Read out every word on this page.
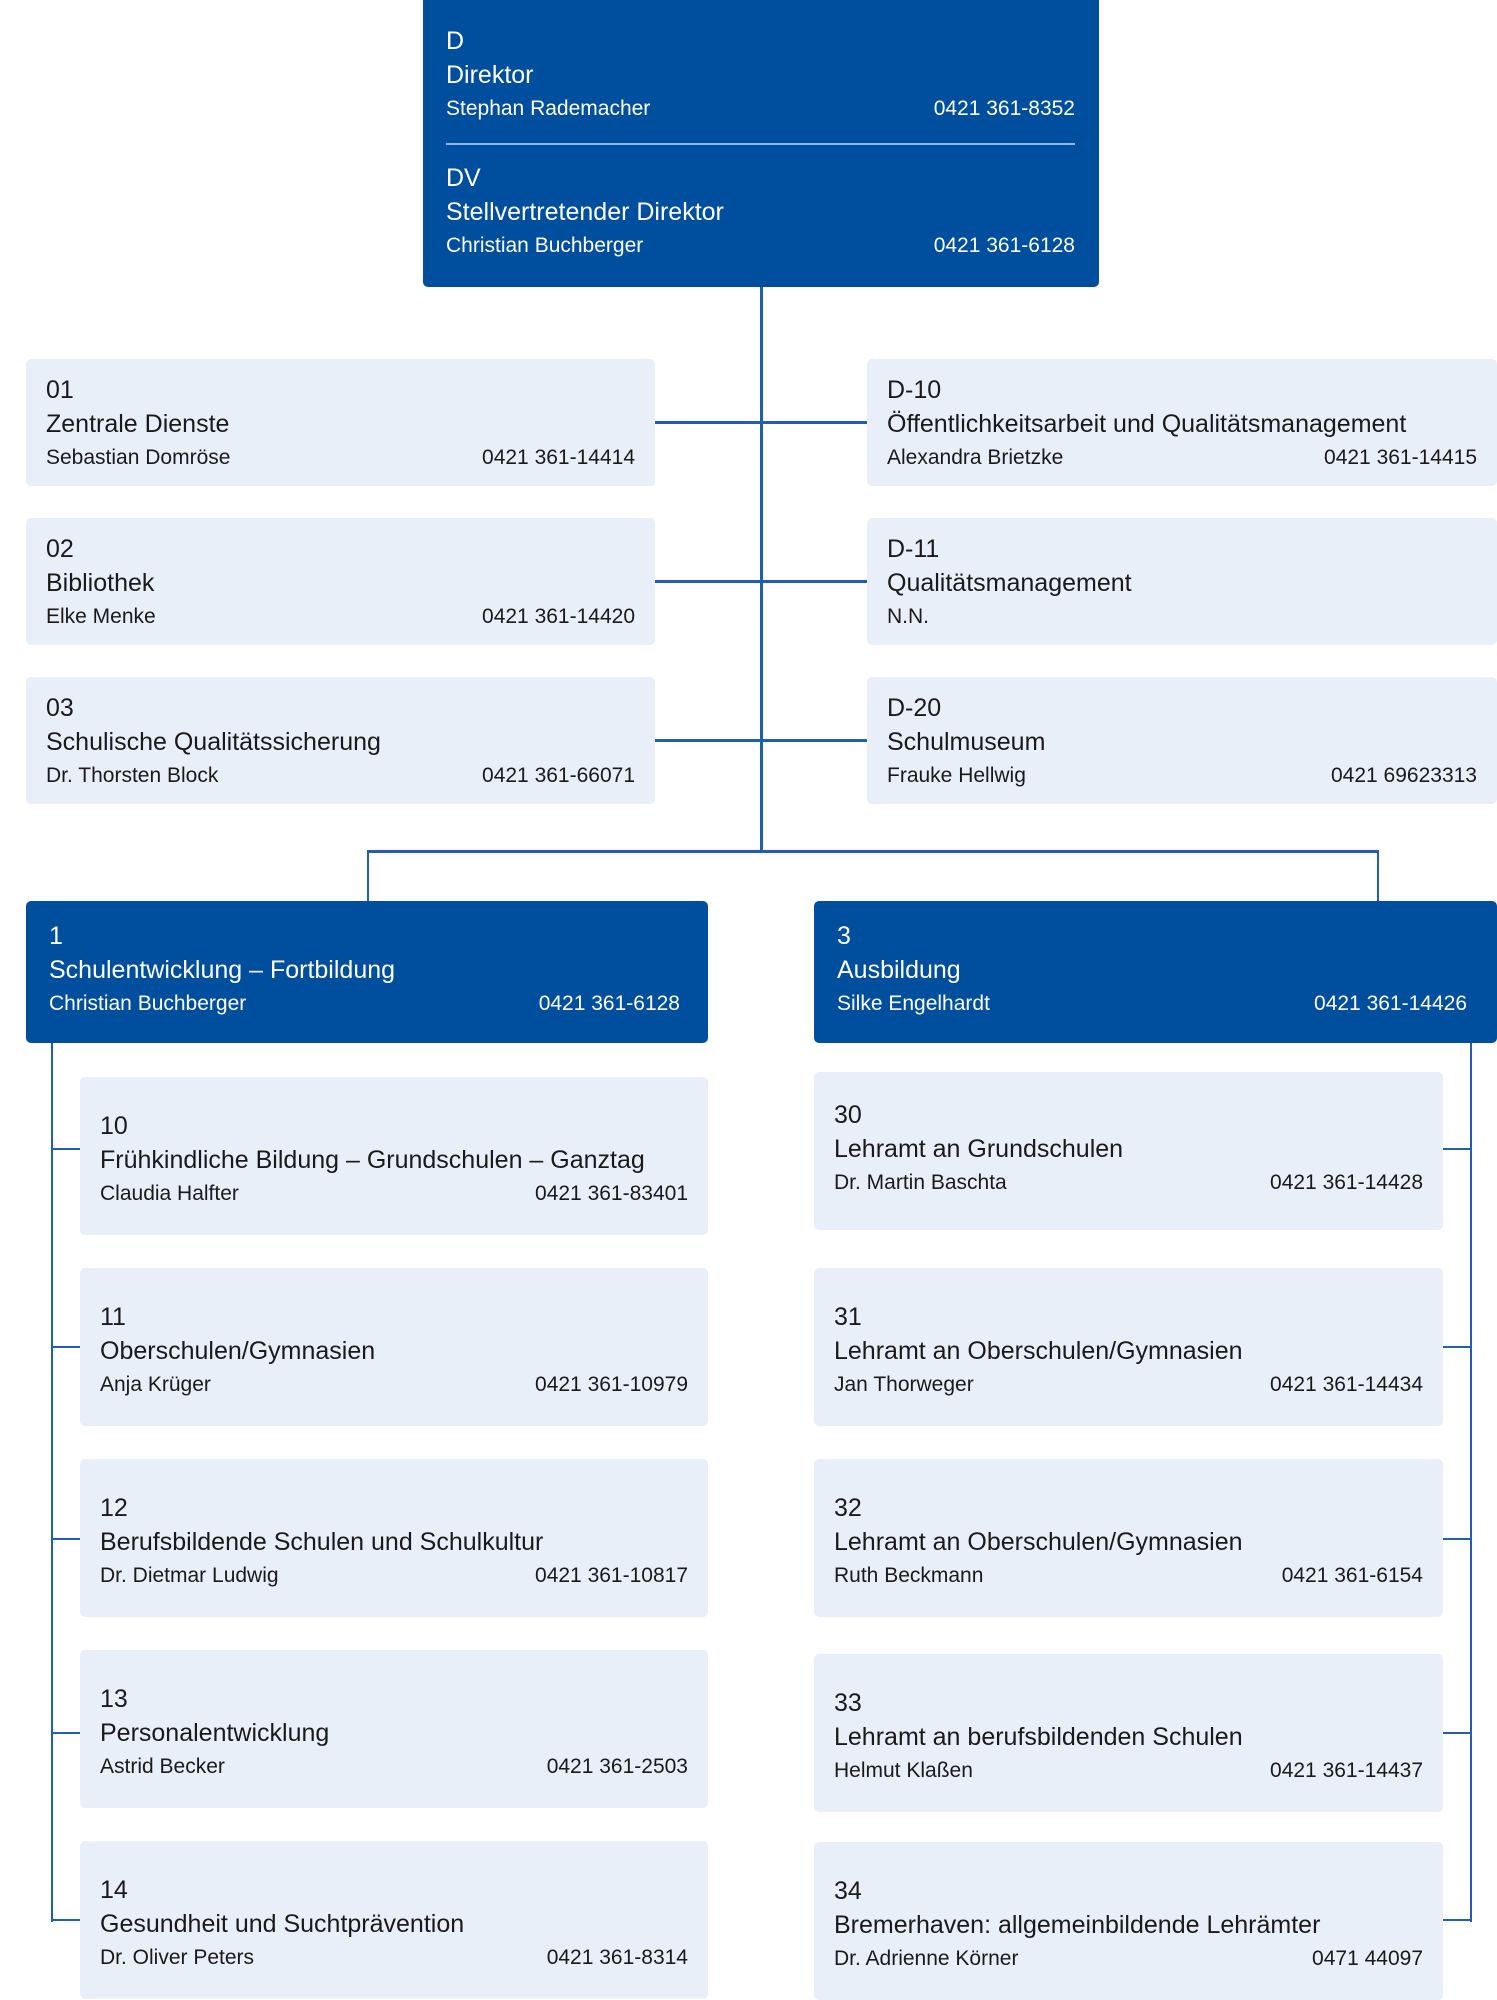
D
Direktor
Stephan Rademacher	0421 361-8352
DV
Stellvertretender Direktor
Christian Buchberger	0421 361-6128
01
Zentrale Dienste
Sebastian Domröse	0421 361-14414
02
Bibliothek
Elke Menke	0421 361-14420
03
Schulische Qualitätssicherung
Dr. Thorsten Block	0421 361-66071
D-10
Öffentlichkeitsarbeit und Qualitätsmanagement
Alexandra Brietzke	0421 361-14415
D-11
Qualitätsmanagement
N.N.
D-20
Schulmuseum
Frauke Hellwig	0421 69623313
1
Schulentwicklung – Fortbildung
Christian Buchberger	0421 361-6128
3
Ausbildung
Silke Engelhardt	0421 361-14426
10
Frühkindliche Bildung – Grundschulen – Ganztag
Claudia Halfter	0421 361-83401
11
Oberschulen/Gymnasien
Anja Krüger	0421 361-10979
12
Berufsbildende Schulen und Schulkultur
Dr. Dietmar Ludwig	0421 361-10817
13
Personalentwicklung
Astrid Becker	0421 361-2503
14
Gesundheit und Suchtprävention
Dr. Oliver Peters	0421 361-8314
30
Lehramt an Grundschulen
Dr. Martin Baschta	0421 361-14428
31
Lehramt an Oberschulen/Gymnasien
Jan Thorweger	0421 361-14434
32
Lehramt an Oberschulen/Gymnasien
Ruth Beckmann	0421 361-6154
33
Lehramt an berufsbildenden Schulen
Helmut Klaßen	0421 361-14437
34
Bremerhaven: allgemeinbildende Lehrämter
Dr. Adrienne Körner	0471 44097
